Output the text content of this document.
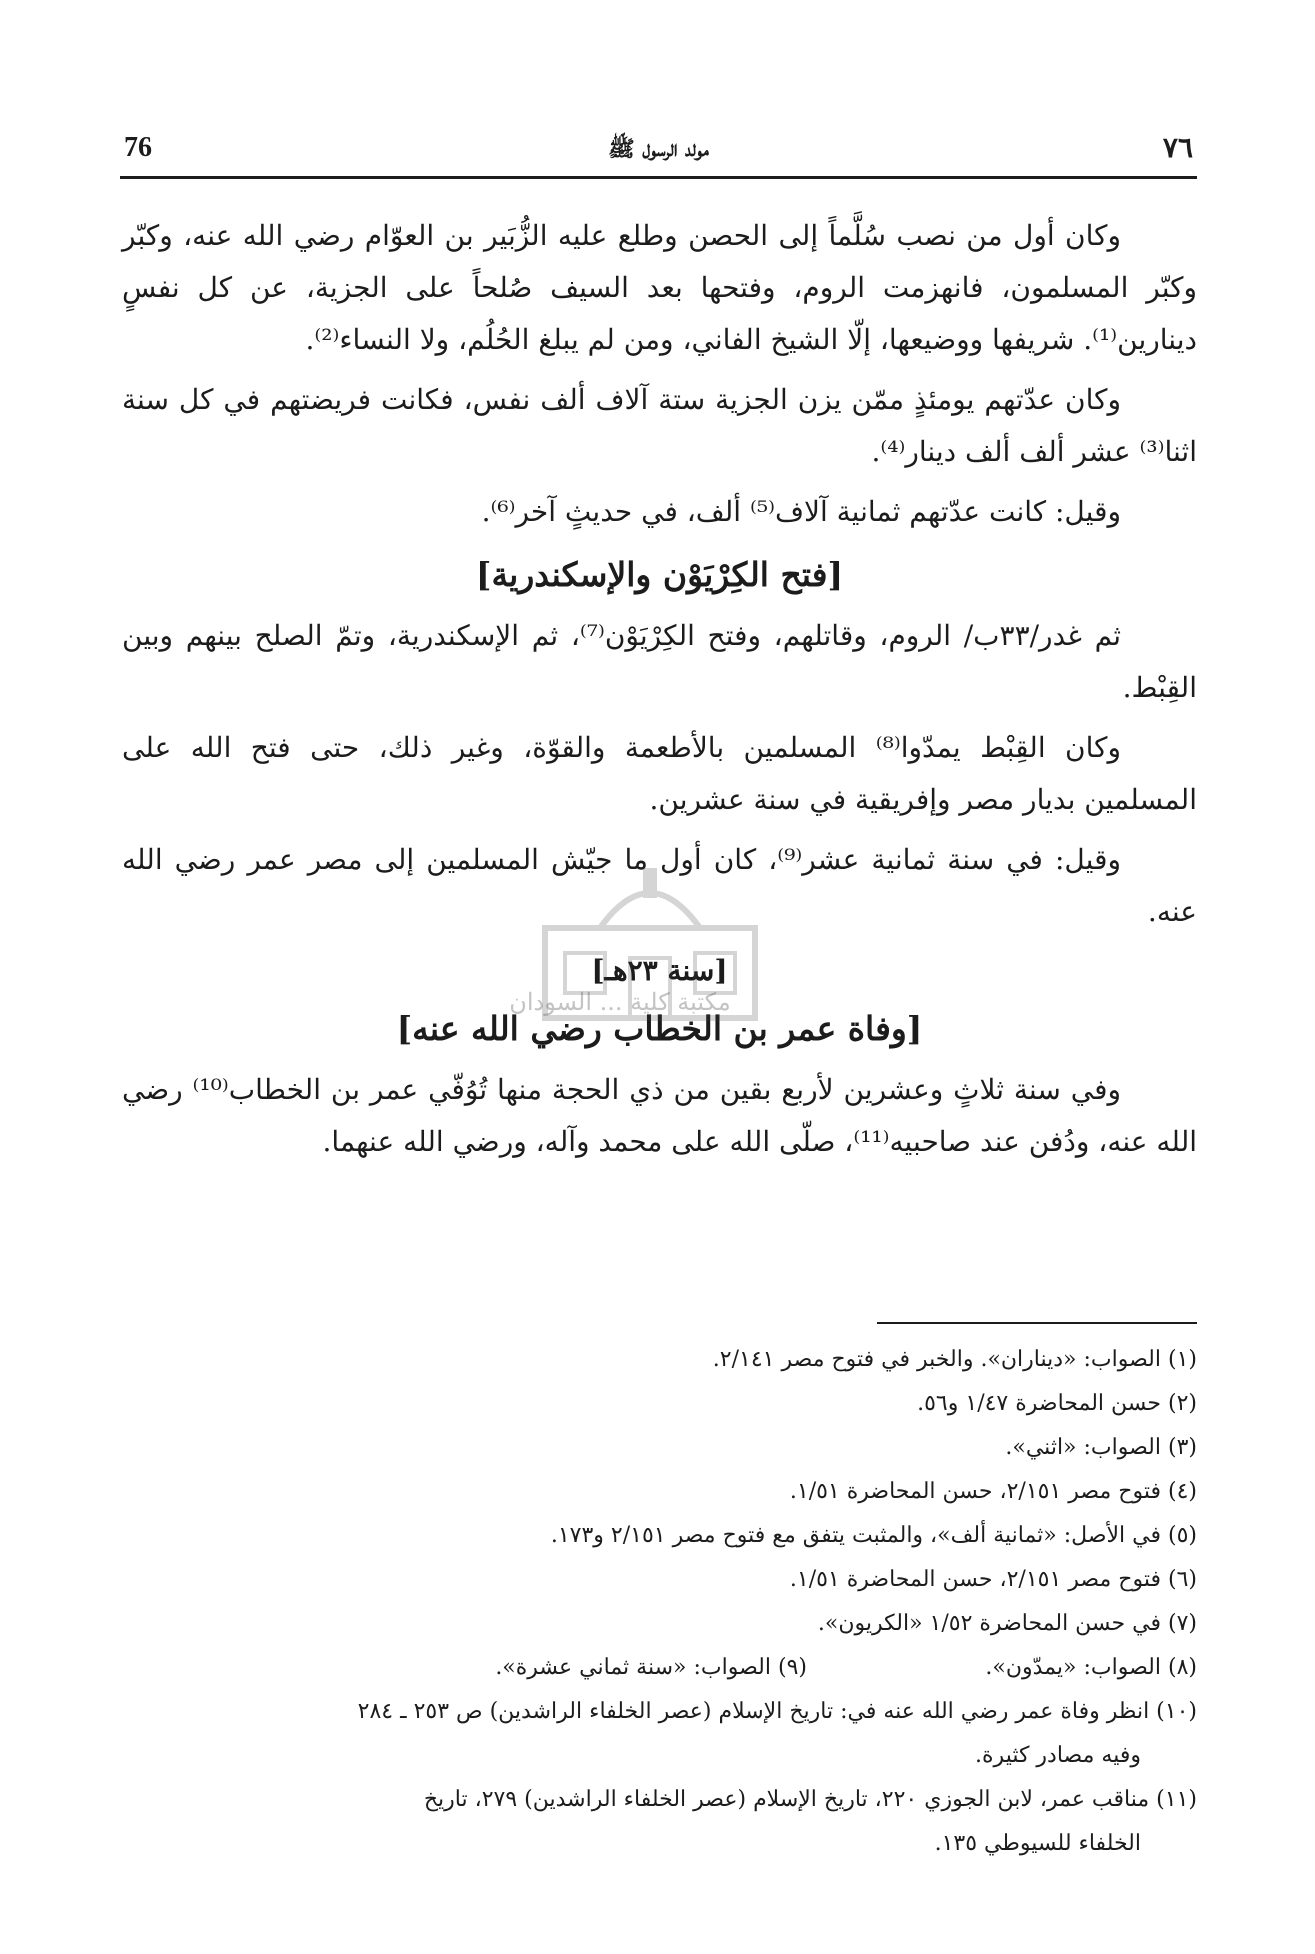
76	مولد الرسول ﷺ	٧٦

وكان أول من نصب سُلَّماً إلى الحصن وطلع عليه الزُّبَير بن العوّام رضي الله عنه، وكبّر وكبّر المسلمون، فانهزمت الروم، وفتحها بعد السيف صُلحاً على الجزية، عن كل نفسٍ دينارين⁽¹⁾. شريفها ووضيعها، إلّا الشيخ الفاني، ومن لم يبلغ الحُلُم، ولا النساء⁽²⁾.

وكان عدّتهم يومئذٍ ممّن يزن الجزية ستة آلاف ألف نفس، فكانت فريضتهم في كل سنة اثنا⁽³⁾ عشر ألف ألف دينار⁽⁴⁾.

وقيل: كانت عدّتهم ثمانية آلاف⁽⁵⁾ ألف، في حديثٍ آخر⁽⁶⁾.

[فتح الكِرْيَوْن والإسكندرية]

ثم غدر/٣٣ب/ الروم، وقاتلهم، وفتح الكِرْيَوْن⁽⁷⁾، ثم الإسكندرية، وتمّ الصلح بينهم وبين القِبْط.

وكان القِبْط يمدّوا⁽⁸⁾ المسلمين بالأطعمة والقوّة، وغير ذلك، حتى فتح الله على المسلمين بديار مصر وإفريقية في سنة عشرين.

وقيل: في سنة ثمانية عشر⁽⁹⁾، كان أول ما جيّش المسلمين إلى مصر عمر رضي الله عنه.

[سنة ٢٣هـ]
[وفاة عمر بن الخطاب رضي الله عنه]

وفي سنة ثلاثٍ وعشرين لأربع بقين من ذي الحجة منها تُوُفّي عمر بن الخطاب⁽¹⁰⁾ رضي الله عنه، ودُفن عند صاحبيه⁽¹¹⁾، صلّى الله على محمد وآله، ورضي الله عنهما.

مكتبة كلية ... السودان

(١) الصواب: «ديناران». والخبر في فتوح مصر ٢/١٤١.

(٢) حسن المحاضرة ١/٤٧ و٥٦.

(٣) الصواب: «اثني».

(٤) فتوح مصر ٢/١٥١، حسن المحاضرة ١/٥١.

(٥) في الأصل: «ثمانية ألف»، والمثبت يتفق مع فتوح مصر ٢/١٥١ و١٧٣.

(٦) فتوح مصر ٢/١٥١، حسن المحاضرة ١/٥١.

(٧) في حسن المحاضرة ١/٥٢ «الكريون».

(٨) الصواب: «يمدّون».

(٩) الصواب: «سنة ثماني عشرة».

(١٠) انظر وفاة عمر رضي الله عنه في: تاريخ الإسلام (عصر الخلفاء الراشدين) ص ٢٥٣ ـ ٢٨٤

وفيه مصادر كثيرة.

(١١) مناقب عمر، لابن الجوزي ٢٢٠، تاريخ الإسلام (عصر الخلفاء الراشدين) ٢٧٩، تاريخ

الخلفاء للسيوطي ١٣٥.
